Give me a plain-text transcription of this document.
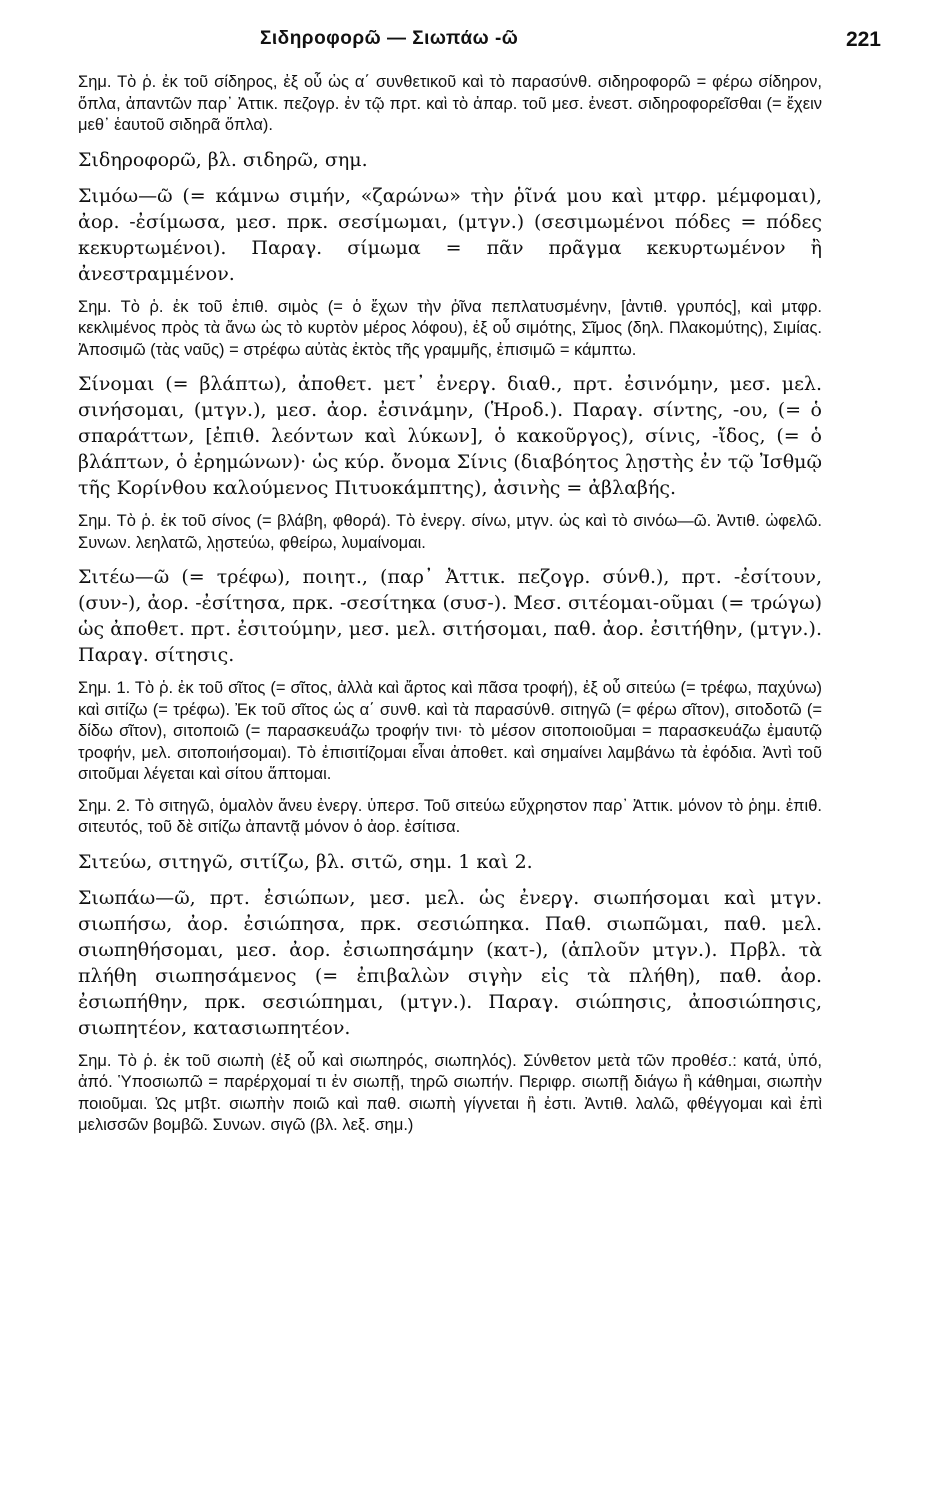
Σιδηροφορῶ — Σιωπάω -ῶ	221

Σημ. Τὸ ῥ. ἐκ τοῦ σίδηρος, ἐξ οὗ ὡς α΄ συνθετικοῦ καὶ τὸ παρασύνθ. σιδηροφορῶ = φέρω σίδηρον, ὅπλα, ἀπαντῶν παρ᾽ Ἀττικ. πεζογρ. ἐν τῷ πρτ. καὶ τὸ ἀπαρ. τοῦ μεσ. ἐνεστ. σιδηροφορεῖσθαι (= ἔχειν μεθ᾽ ἑαυτοῦ σιδηρᾶ ὅπλα).

Σιδηροφορῶ, βλ. σιδηρῶ, σημ.

Σιμόω—ῶ (= κάμνω σιμήν, «ζαρώνω» τὴν ῥῖνά μου καὶ μτφρ. μέμφομαι), ἀορ. -ἐσίμωσα, μεσ. πρκ. σεσίμωμαι, (μτγν.) (σεσιμωμένοι πόδες = πόδες κεκυρτωμένοι). Παραγ. σίμωμα = πᾶν πρᾶγμα κεκυρτωμένον ἢ ἀνεστραμμένον.

Σημ. Τὸ ῥ. ἐκ τοῦ ἐπιθ. σιμὸς (= ὁ ἔχων τὴν ῥῖνα πεπλατυσμένην, [ἀντιθ. γρυπός], καὶ μτφρ. κεκλιμένος πρὸς τὰ ἄνω ὡς τὸ κυρτὸν μέρος λόφου), ἐξ οὗ σιμότης, Σῖμος (δηλ. Πλακομύτης), Σιμίας. Ἀποσιμῶ (τὰς ναῦς) = στρέφω αὐτὰς ἐκτὸς τῆς γραμμῆς, ἐπισιμῶ = κάμπτω.

Σίνομαι (= βλάπτω), ἀποθετ. μετ᾽ ἐνεργ. διαθ., πρτ. ἐσινόμην, μεσ. μελ. σινήσομαι, (μτγν.), μεσ. ἀορ. ἐσινάμην, (Ἡροδ.). Παραγ. σίντης, -ου, (= ὁ σπαράττων, [ἐπιθ. λεόντων καὶ λύκων], ὁ κακοῦργος), σίνις, -ἴδος, (= ὁ βλάπτων, ὁ ἐρημώνων)· ὡς κύρ. ὄνομα Σίνις (διαβόητος λῃστὴς ἐν τῷ Ἰσθμῷ τῆς Κορίνθου καλούμενος Πιτυοκάμπτης), ἀσινὴς = ἀβλαβής.

Σημ. Τὸ ῥ. ἐκ τοῦ σίνος (= βλάβη, φθορά). Τὸ ἐνεργ. σίνω, μτγν. ὡς καὶ τὸ σινόω—ῶ. Ἀντιθ. ὠφελῶ. Συνων. λεηλατῶ, λῃστεύω, φθείρω, λυμαίνομαι.

Σιτέω—ῶ (= τρέφω), ποιητ., (παρ᾽ Ἀττικ. πεζογρ. σύνθ.), πρτ. -ἐσίτουν, (συν-), ἀορ. -ἐσίτησα, πρκ. -σεσίτηκα (συσ-). Μεσ. σιτέομαι-οῦμαι (= τρώγω) ὡς ἀποθετ. πρτ. ἐσιτούμην, μεσ. μελ. σιτήσομαι, παθ. ἀορ. ἐσιτήθην, (μτγν.). Παραγ. σίτησις.

Σημ. 1. Τὸ ῥ. ἐκ τοῦ σῖτος (= σῖτος, ἀλλὰ καὶ ἄρτος καὶ πᾶσα τροφή), ἐξ οὗ σιτεύω (= τρέφω, παχύνω) καὶ σιτίζω (= τρέφω). Ἐκ τοῦ σῖτος ὡς α΄ συνθ. καὶ τὰ παρασύνθ. σιτηγῶ (= φέρω σῖτον), σιτοδοτῶ (= δίδω σῖτον), σιτοποιῶ (= παρασκευάζω τροφήν τινι· τὸ μέσον σιτοποιοῦμαι = παρασκευάζω ἐμαυτῷ τροφήν, μελ. σιτοποιήσομαι). Τὸ ἐπισιτίζομαι εἶναι ἀποθετ. καὶ σημαίνει λαμβάνω τὰ ἐφόδια. Ἀντὶ τοῦ σιτοῦμαι λέγεται καὶ σίτου ἅπτομαι.

Σημ. 2. Τὸ σιτηγῶ, ὁμαλὸν ἄνευ ἐνεργ. ὑπερσ. Τοῦ σιτεύω εὔχρηστον παρ᾽ Ἀττικ. μόνον τὸ ῥημ. ἐπιθ. σιτευτός, τοῦ δὲ σιτίζω ἀπαντᾷ μόνον ὁ ἀορ. ἐσίτισα.

Σιτεύω, σιτηγῶ, σιτίζω, βλ. σιτῶ, σημ. 1 καὶ 2.

Σιωπάω—ῶ, πρτ. ἐσιώπων, μεσ. μελ. ὡς ἐνεργ. σιωπήσομαι καὶ μτγν. σιωπήσω, ἀορ. ἐσιώπησα, πρκ. σεσιώπηκα. Παθ. σιωπῶμαι, παθ. μελ. σιωπηθήσομαι, μεσ. ἀορ. ἐσιωπησάμην (κατ-), (ἁπλοῦν μτγν.). Πρβλ. τὰ πλήθη σιωπησάμενος (= ἐπιβαλὼν σιγὴν εἰς τὰ πλήθη), παθ. ἀορ. ἐσιωπήθην, πρκ. σεσιώπημαι, (μτγν.). Παραγ. σιώπησις, ἀποσιώπησις, σιωπητέον, κατασιωπητέον.

Σημ. Τὸ ῥ. ἐκ τοῦ σιωπὴ (ἐξ οὗ καὶ σιωπηρός, σιωπηλός). Σύνθετον μετὰ τῶν προθέσ.: κατά, ὑπό, ἀπό. Ὑποσιωπῶ = παρέρχομαί τι ἐν σιωπῇ, τηρῶ σιωπήν. Περιφρ. σιωπῇ διάγω ἢ κάθημαι, σιωπὴν ποιοῦμαι. Ὡς μτβτ. σιωπὴν ποιῶ καὶ παθ. σιωπὴ γίγνεται ἢ ἐστι. Ἀντιθ. λαλῶ, φθέγγομαι καὶ ἐπὶ μελισσῶν βομβῶ. Συνων. σιγῶ (βλ. λεξ. σημ.)
